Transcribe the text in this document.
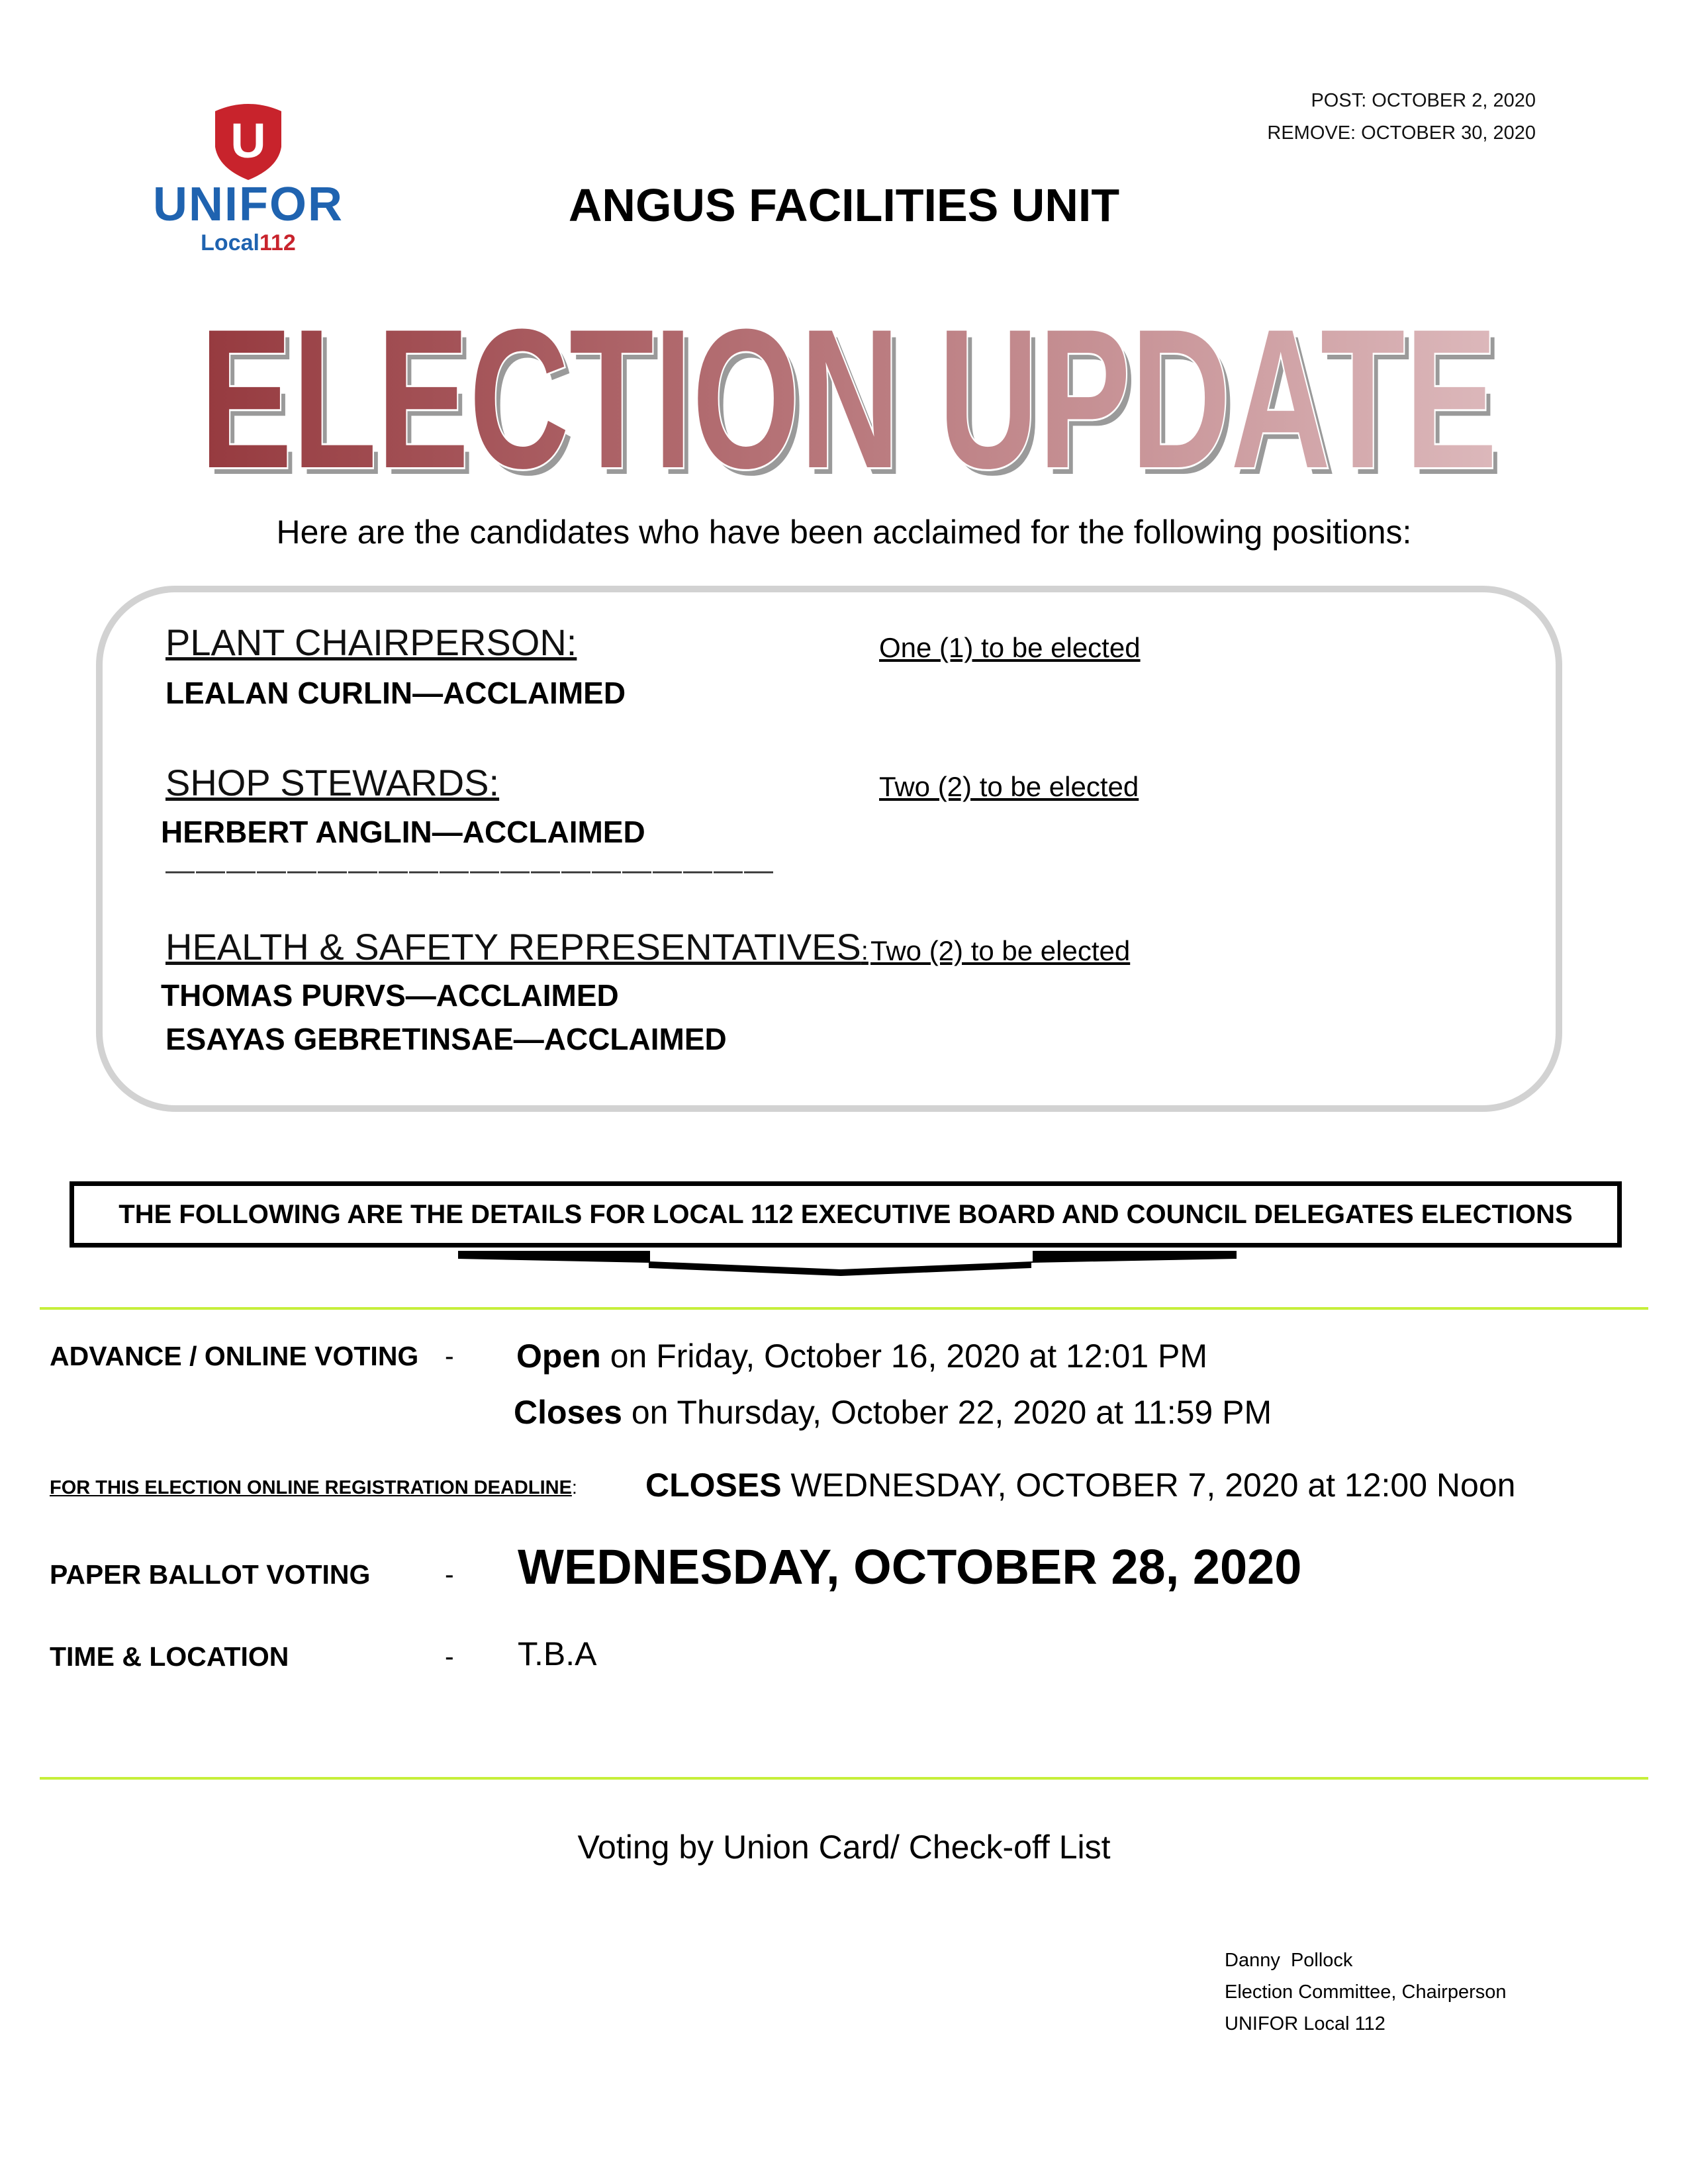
POST: OCTOBER 2, 2020
REMOVE: OCTOBER 30, 2020
U
UNIFOR
Local112
ANGUS FACILITIES UNIT
ELECTION UPDATE
ELECTION UPDATE
Here are the candidates who have been acclaimed for the following positions:
PLANT CHAIRPERSON:	One (1) to be elected
LEALAN CURLIN—ACCLAIMED
SHOP STEWARDS:	Two (2) to be elected
HERBERT ANGLIN—ACCLAIMED
————————————————————
HEALTH & SAFETY REPRESENTATIVES: Two (2) to be elected
THOMAS PURVS—ACCLAIMED
ESAYAS GEBRETINSAE—ACCLAIMED
THE FOLLOWING ARE THE DETAILS FOR LOCAL 112 EXECUTIVE BOARD AND COUNCIL DELEGATES ELECTIONS
ADVANCE / ONLINE VOTING - Open on Friday, October 16, 2020 at 12:01 PM
Closes on Thursday, October 22, 2020 at 11:59 PM
FOR THIS ELECTION ONLINE REGISTRATION DEADLINE: CLOSES WEDNESDAY, OCTOBER 7, 2020 at 12:00 Noon
PAPER BALLOT VOTING	- WEDNESDAY, OCTOBER 28, 2020
TIME & LOCATION	- T.B.A
Voting by Union Card/ Check-off List
Danny  Pollock
Election Committee, Chairperson
UNIFOR Local 112
